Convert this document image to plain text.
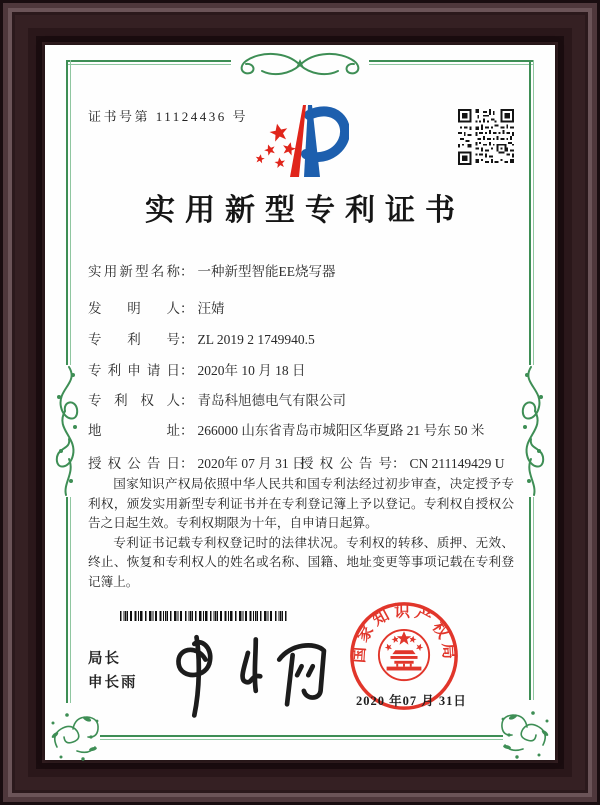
证书号第 11124436 号
实用新型专利证书
实用新型名称： 一种新型智能EE烧写器
发明人： 汪婧
专利号： ZL 2019 2 1749940.5
专利申请日： 2020年 10 月 18 日
专利权人： 青岛科旭德电气有限公司
地址： 266000 山东省青岛市城阳区华夏路 21 号东 50 米
授权公告日： 2020年 07 月 31 日
授权公告号： CN 211149429 U

国家知识产权局依照中华人民共和国专利法经过初步审查，决定授予专利权，颁发实用新型专利证书并在专利登记簿上予以登记。专利权自授权公告之日起生效。专利权期限为十年，自申请日起算。

专利证书记载专利权登记时的法律状况。专利权的转移、质押、无效、终止、恢复和专利权人的姓名或名称、国籍、地址变更等事项记载在专利登记簿上。

局长
申长雨
国家知识产权局
2020 年07 月 31日
